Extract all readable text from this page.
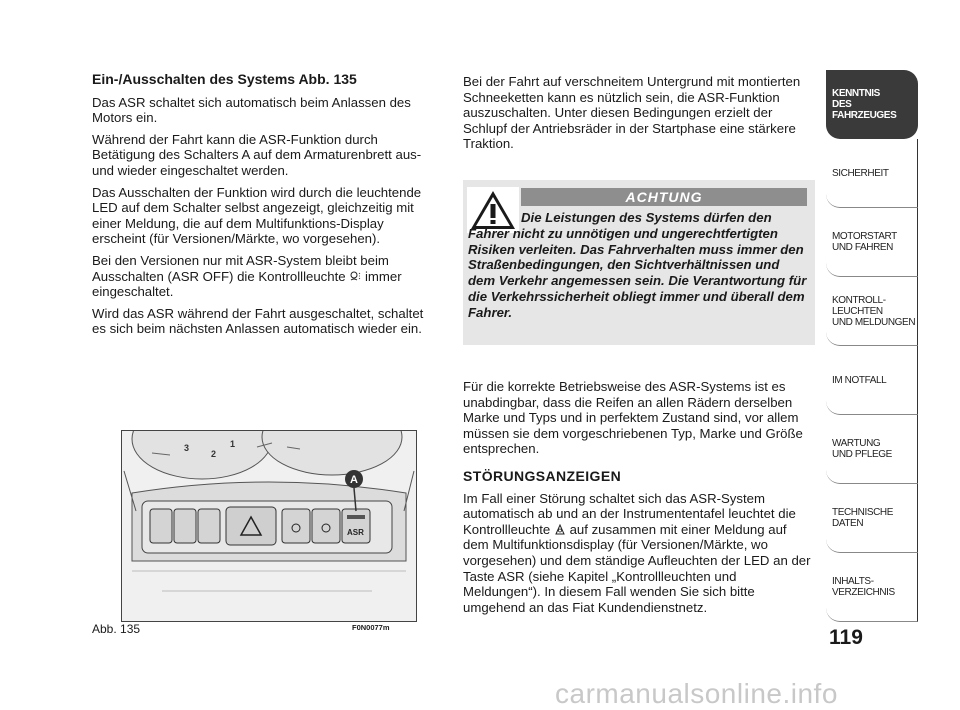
Ein-/Ausschalten des Systems Abb. 135

Das ASR schaltet sich automatisch beim Anlassen des Motors ein.

Während der Fahrt kann die ASR-Funktion durch Betätigung des Schalters A auf dem Armaturenbrett aus- und wieder eingeschaltet werden.

Das Ausschalten der Funktion wird durch die leuchtende LED auf dem Schalter selbst angezeigt, gleichzeitig mit einer Meldung, die auf dem Multifunktions-Display erscheint (für Versionen/Märkte, wo vorgesehen).

Bei den Versionen nur mit ASR-System bleibt beim Ausschalten (ASR OFF) die Kontrollleuchte immer eingeschaltet.

Wird das ASR während der Fahrt ausgeschaltet, schaltet es sich beim nächsten Anlassen automatisch wieder ein.

Bei der Fahrt auf verschneitem Untergrund mit montierten Schneeketten kann es nützlich sein, die ASR-Funktion auszuschalten. Unter diesen Bedingungen erzielt der Schlupf der Antriebsräder in der Startphase eine stärkere Traktion.

ACHTUNG
Die Leistungen des Systems dürfen den Fahrer nicht zu unnötigen und ungerechtfertigten Risiken verleiten. Das Fahrverhalten muss immer den Straßenbedingungen, den Sichtverhältnissen und dem Verkehr angemessen sein. Die Verantwortung für die Verkehrssicherheit obliegt immer und überall dem Fahrer.

Für die korrekte Betriebsweise des ASR-Systems ist es unabdingbar, dass die Reifen an allen Rädern derselben Marke und Typs und in perfektem Zustand sind, vor allem müssen sie dem vorgeschriebenen Typ, Marke und Größe entsprechen.

STÖRUNGSANZEIGEN

Im Fall einer Störung schaltet sich das ASR-System automatisch ab und an der Instrumententafel leuchtet die Kontrollleuchte auf zusammen mit einer Meldung auf dem Multifunktionsdisplay (für Versionen/Märkte, wo vorgesehen) und dem ständige Aufleuchten der LED an der Taste ASR (siehe Kapitel „Kontrollleuchten und Meldungen“). In diesem Fall wenden Sie sich bitte umgehend an das Fiat Kundendienstnetz.

3
2
1
ASR
A
Abb. 135	F0N0077m
KENNTNIS
DES FAHRZEUGES
SICHERHEIT
MOTORSTART
UND FAHREN
KONTROLL-
LEUCHTEN
UND MELDUNGEN
IM NOTFALL
WARTUNG
UND PFLEGE
TECHNISCHE
DATEN
INHALTS-
VERZEICHNIS
119
carmanualsonline.info
